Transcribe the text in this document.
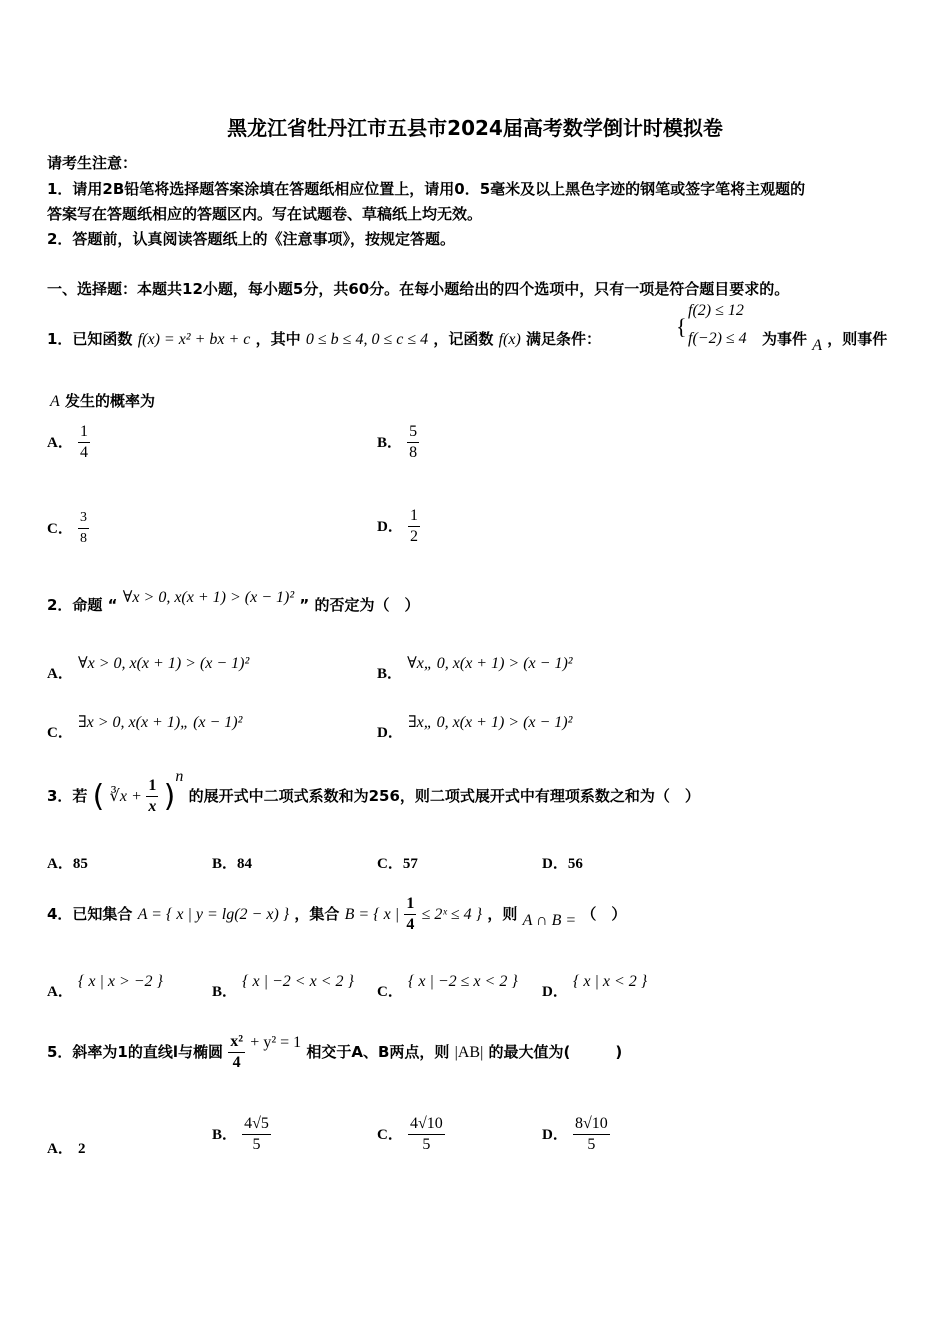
黑龙江省牡丹江市五县市2024届高考数学倒计时模拟卷
请考生注意：
1．请用2B铅笔将选择题答案涂填在答题纸相应位置上，请用0．5毫米及以上黑色字迹的钢笔或签字笔将主观题的
答案写在答题纸相应的答题区内。写在试题卷、草稿纸上均无效。
2．答题前，认真阅读答题纸上的《注意事项》，按规定答题。
一、选择题：本题共12小题，每小题5分，共60分。在每小题给出的四个选项中，只有一项是符合题目要求的。
1．已知函数 f(x) = x² + bx + c ，其中 0 ≤ b ≤ 4, 0 ≤ c ≤ 4 ，记函数 f(x) 满足条件：	{
f(2) ≤ 12
f(−2) ≤ 4 为事件 A ，则事件
A 发生的概率为
A． $\frac{1}{4}$	B． $\frac{5}{8}$
C． $\frac{3}{8}$	D． $\frac{1}{2}$
2．命题 “ ∀x > 0, x(x + 1) > (x − 1)² ” 的否定为（　）
A． ∀x > 0, x(x + 1) > (x − 1)²
B． ∀x„ 0, x(x + 1) > (x − 1)²
C． ∃x > 0, x(x + 1)„ (x − 1)²
D． ∃x„ 0, x(x + 1) > (x − 1)²
3．若 ( ∛x + $\frac{1}{x} )^n$ 的展开式中二项式系数和为256，则二项式展开式中有理项系数之和为（　）
A．85	B．84	C．57	D．56
4．已知集合 A = { x | y = lg(2 − x) } ，集合 B = { x | $\frac{1}{4}$ ≤ 2ˣ ≤ 4 } ，则 A ∩ B = （　）
A． { x | x > −2 }
B． { x | −2 < x < 2 }
C． { x | −2 ≤ x < 2 }
D． { x | x < 2 }
5．斜率为1的直线l与椭圆 $\frac{\text{x²}}{4} + y^2 = 1$ 相交于A、B两点，则 |AB| 的最大值为(　　　)
A． 2
B． $\frac{4√5}{5}$	C． $\frac{4√10}{5}$	D． $\frac{8√10}{5}$
